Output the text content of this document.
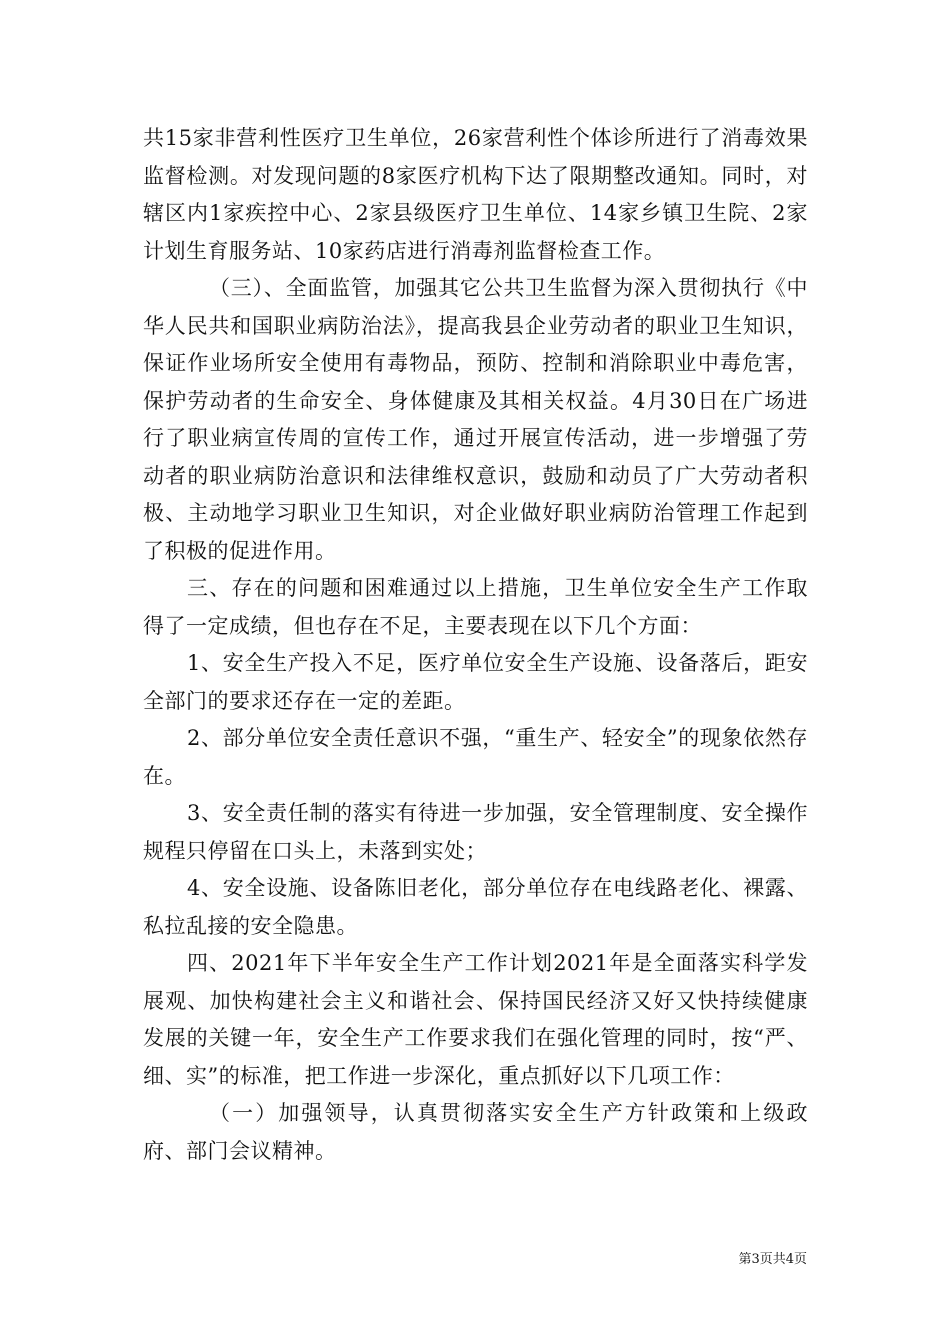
共15家非营利性医疗卫生单位，26家营利性个体诊所进行了消毒效果监督检测。对发现问题的8家医疗机构下达了限期整改通知。同时，对辖区内1家疾控中心、2家县级医疗卫生单位、14家乡镇卫生院、2家计划生育服务站、10家药店进行消毒剂监督检查工作。

（三）、全面监管，加强其它公共卫生监督为深入贯彻执行《中华人民共和国职业病防治法》，提高我县企业劳动者的职业卫生知识，保证作业场所安全使用有毒物品，预防、控制和消除职业中毒危害，保护劳动者的生命安全、身体健康及其相关权益。4月30日在广场进行了职业病宣传周的宣传工作，通过开展宣传活动，进一步增强了劳动者的职业病防治意识和法律维权意识，鼓励和动员了广大劳动者积极、主动地学习职业卫生知识，对企业做好职业病防治管理工作起到了积极的促进作用。

三、存在的问题和困难通过以上措施，卫生单位安全生产工作取得了一定成绩，但也存在不足，主要表现在以下几个方面：

1、安全生产投入不足，医疗单位安全生产设施、设备落后，距安全部门的要求还存在一定的差距。

2、部分单位安全责任意识不强，“重生产、轻安全”的现象依然存在。

3、安全责任制的落实有待进一步加强，安全管理制度、安全操作规程只停留在口头上，未落到实处；

4、安全设施、设备陈旧老化，部分单位存在电线路老化、裸露、私拉乱接的安全隐患。

四、2021年下半年安全生产工作计划2021年是全面落实科学发展观、加快构建社会主义和谐社会、保持国民经济又好又快持续健康发展的关键一年，安全生产工作要求我们在强化管理的同时，按“严、细、实”的标准，把工作进一步深化，重点抓好以下几项工作：

（一）加强领导，认真贯彻落实安全生产方针政策和上级政府、部门会议精神。

第3页共4页
